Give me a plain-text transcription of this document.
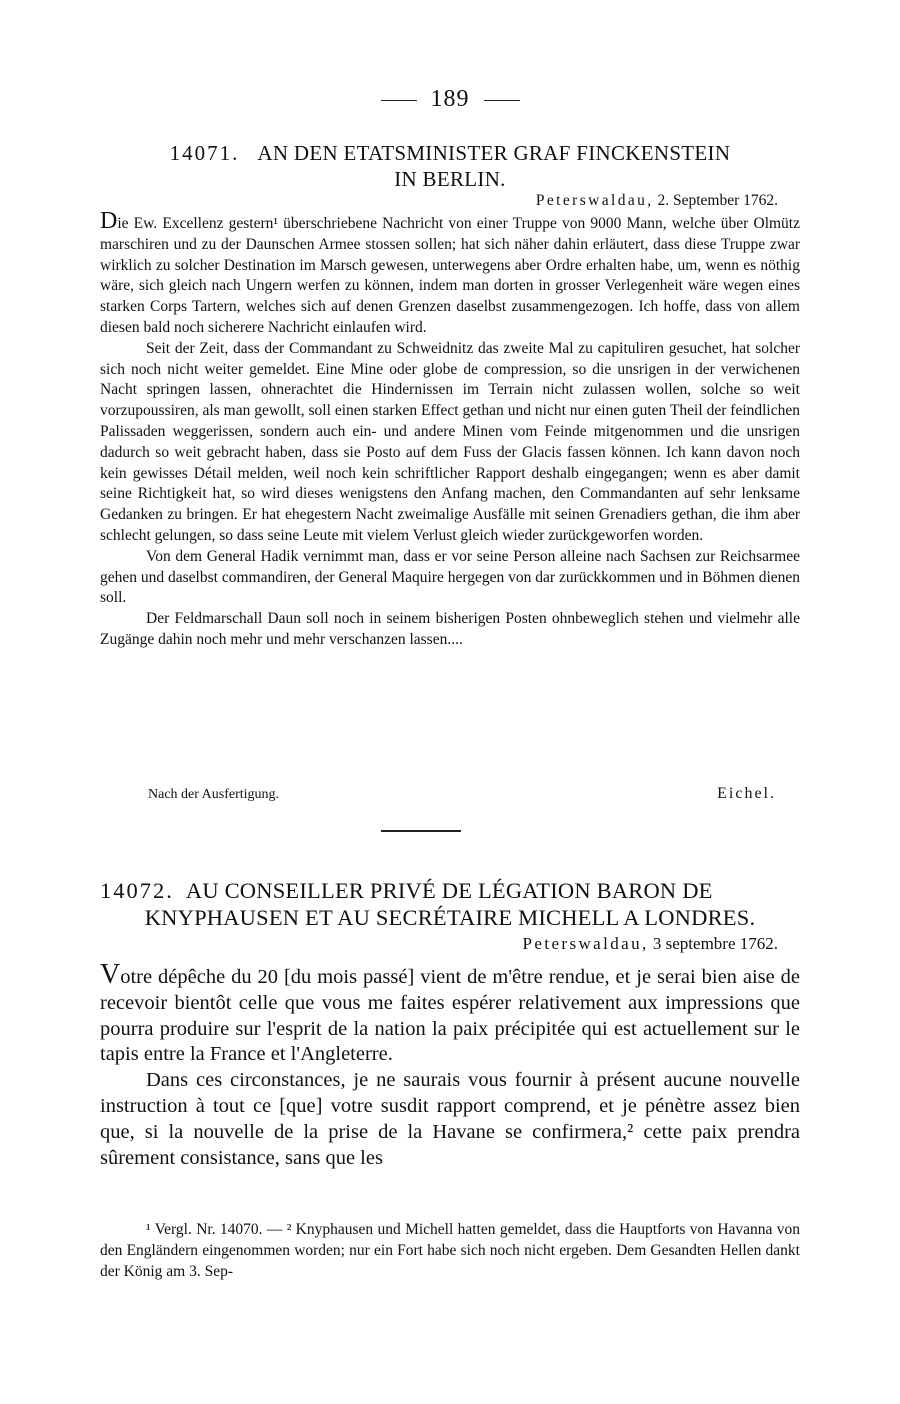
189
14071. AN DEN ETATSMINISTER GRAF FINCKENSTEIN
IN BERLIN.
Peterswaldau, 2. September 1762.

Die Ew. Excellenz gestern¹ überschriebene Nachricht von einer Truppe von 9000 Mann, welche über Olmütz marschiren und zu der Daunschen Armee stossen sollen; hat sich näher dahin erläutert, dass diese Truppe zwar wirklich zu solcher Destination im Marsch gewesen, unterwegens aber Ordre erhalten habe, um, wenn es nöthig wäre, sich gleich nach Ungern werfen zu können, indem man dorten in grosser Verlegenheit wäre wegen eines starken Corps Tartern, welches sich auf denen Grenzen daselbst zusammengezogen. Ich hoffe, dass von allem diesen bald noch sicherere Nachricht einlaufen wird.

Seit der Zeit, dass der Commandant zu Schweidnitz das zweite Mal zu capituliren gesuchet, hat solcher sich noch nicht weiter gemeldet. Eine Mine oder globe de compression, so die unsrigen in der verwichenen Nacht springen lassen, ohnerachtet die Hindernissen im Terrain nicht zulassen wollen, solche so weit vorzupoussiren, als man gewollt, soll einen starken Effect gethan und nicht nur einen guten Theil der feindlichen Palissaden weggerissen, sondern auch ein- und andere Minen vom Feinde mitgenommen und die unsrigen dadurch so weit gebracht haben, dass sie Posto auf dem Fuss der Glacis fassen können. Ich kann davon noch kein gewisses Détail melden, weil noch kein schriftlicher Rapport deshalb eingegangen; wenn es aber damit seine Richtigkeit hat, so wird dieses wenigstens den Anfang machen, den Commandanten auf sehr lenksame Gedanken zu bringen. Er hat ehegestern Nacht zweimalige Ausfälle mit seinen Grenadiers gethan, die ihm aber schlecht gelungen, so dass seine Leute mit vielem Verlust gleich wieder zurückgeworfen worden.

Von dem General Hadik vernimmt man, dass er vor seine Person alleine nach Sachsen zur Reichsarmee gehen und daselbst commandiren, der General Maquire hergegen von dar zurückkommen und in Böhmen dienen soll.

Der Feldmarschall Daun soll noch in seinem bisherigen Posten ohnbeweglich stehen und vielmehr alle Zugänge dahin noch mehr und mehr verschanzen lassen....

Nach der Ausfertigung.	Eichel.
14072. AU CONSEILLER PRIVÉ DE LÉGATION BARON DE
KNYPHAUSEN ET AU SECRÉTAIRE MICHELL A LONDRES.
Peterswaldau, 3 septembre 1762.

Votre dépêche du 20 [du mois passé] vient de m'être rendue, et je serai bien aise de recevoir bientôt celle que vous me faites espérer relativement aux impressions que pourra produire sur l'esprit de la nation la paix précipitée qui est actuellement sur le tapis entre la France et l'Angleterre.

Dans ces circonstances, je ne saurais vous fournir à présent aucune nouvelle instruction à tout ce [que] votre susdit rapport comprend, et je pénètre assez bien que, si la nouvelle de la prise de la Havane se confirmera,² cette paix prendra sûrement consistance, sans que les

¹ Vergl. Nr. 14070. — ² Knyphausen und Michell hatten gemeldet, dass die Hauptforts von Havanna von den Engländern eingenommen worden; nur ein Fort habe sich noch nicht ergeben. Dem Gesandten Hellen dankt der König am 3. Sep-
